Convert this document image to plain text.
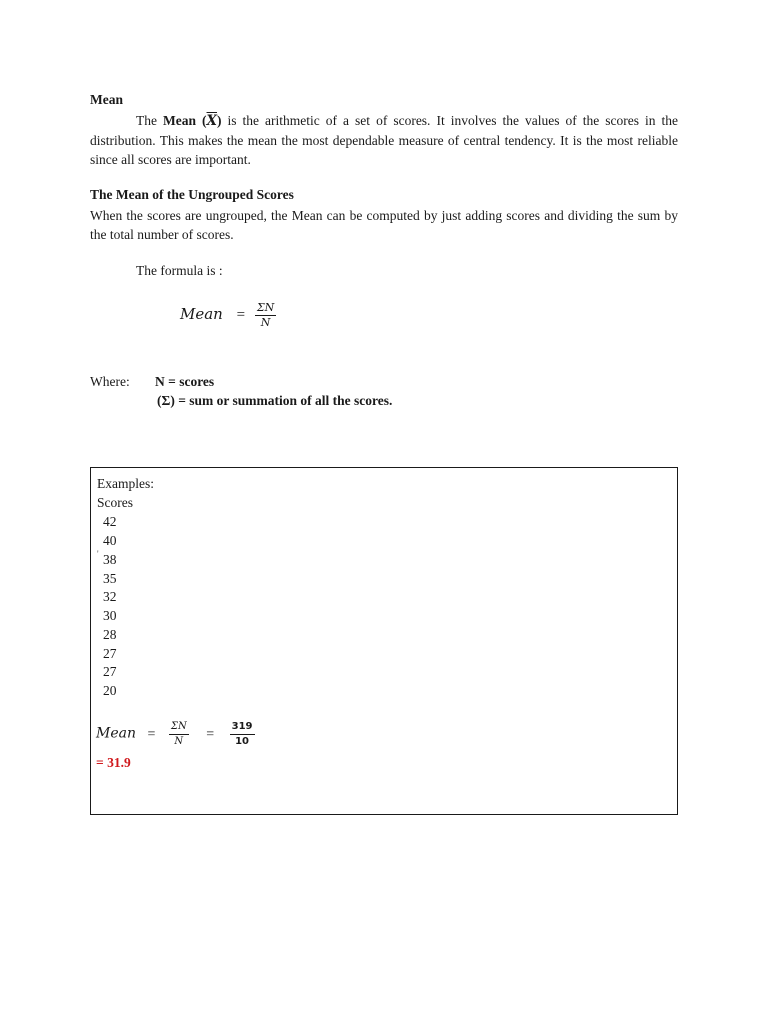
Mean

The Mean $(\overline{X})$ is the arithmetic of a set of scores. It involves the values of the scores in the distribution. This makes the mean the most dependable measure of central tendency. It is the most reliable since all scores are important.

The Mean of the Ungrouped Scores

When the scores are ungrouped, the Mean can be computed by just adding scores and dividing the sum by the total number of scores.

The formula is :
Mean = $\frac{\Sigma N}{N}$
Where: N = scores
(Σ) = sum or summation of all the scores.
Examples:
Scores
42
40
' 38
35
32
30
28
27
27
20
Mean = $\frac{\Sigma N}{N} = \frac{319}{10}$
= 31.9
